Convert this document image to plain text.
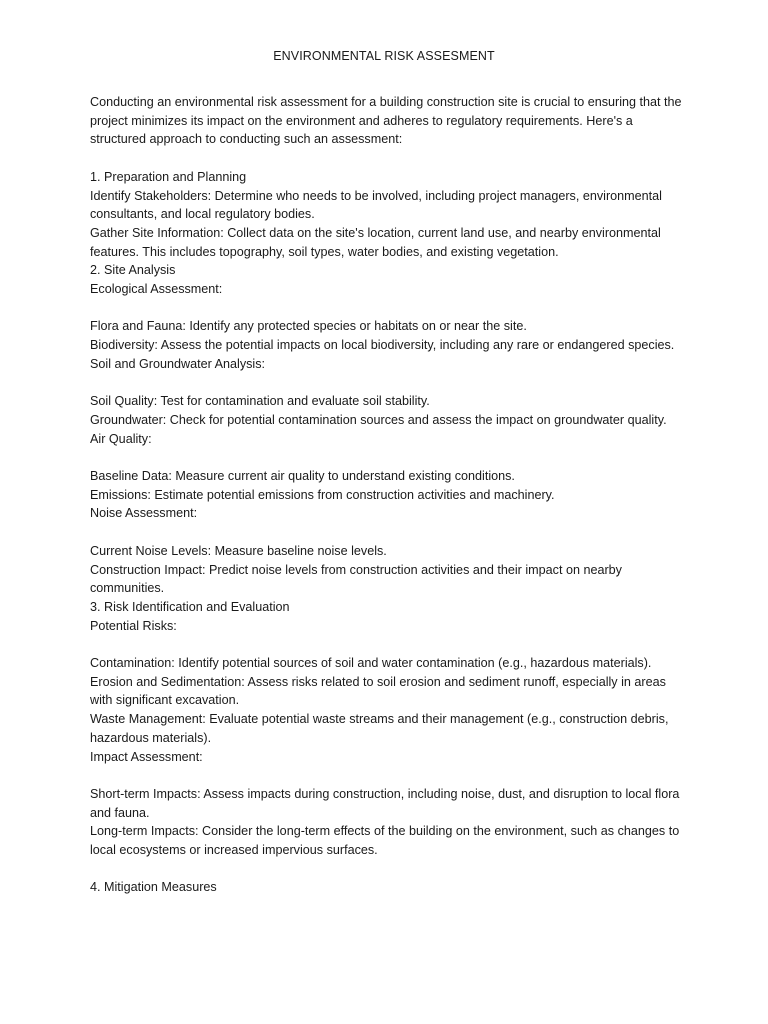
ENVIRONMENTAL RISK ASSESMENT

Conducting an environmental risk assessment for a building construction site is crucial to ensuring that the project minimizes its impact on the environment and adheres to regulatory requirements. Here's a structured approach to conducting such an assessment:

1. Preparation and Planning

Identify Stakeholders: Determine who needs to be involved, including project managers, environmental consultants, and local regulatory bodies.

Gather Site Information: Collect data on the site's location, current land use, and nearby environmental features. This includes topography, soil types, water bodies, and existing vegetation.

2. Site Analysis

Ecological Assessment:

Flora and Fauna: Identify any protected species or habitats on or near the site.

Biodiversity: Assess the potential impacts on local biodiversity, including any rare or endangered species.

Soil and Groundwater Analysis:

Soil Quality: Test for contamination and evaluate soil stability.

Groundwater: Check for potential contamination sources and assess the impact on groundwater quality.

Air Quality:

Baseline Data: Measure current air quality to understand existing conditions.

Emissions: Estimate potential emissions from construction activities and machinery.

Noise Assessment:

Current Noise Levels: Measure baseline noise levels.

Construction Impact: Predict noise levels from construction activities and their impact on nearby communities.

3. Risk Identification and Evaluation

Potential Risks:

Contamination: Identify potential sources of soil and water contamination (e.g., hazardous materials).

Erosion and Sedimentation: Assess risks related to soil erosion and sediment runoff, especially in areas with significant excavation.

Waste Management: Evaluate potential waste streams and their management (e.g., construction debris, hazardous materials).

Impact Assessment:

Short-term Impacts: Assess impacts during construction, including noise, dust, and disruption to local flora and fauna.

Long-term Impacts: Consider the long-term effects of the building on the environment, such as changes to local ecosystems or increased impervious surfaces.

4. Mitigation Measures
